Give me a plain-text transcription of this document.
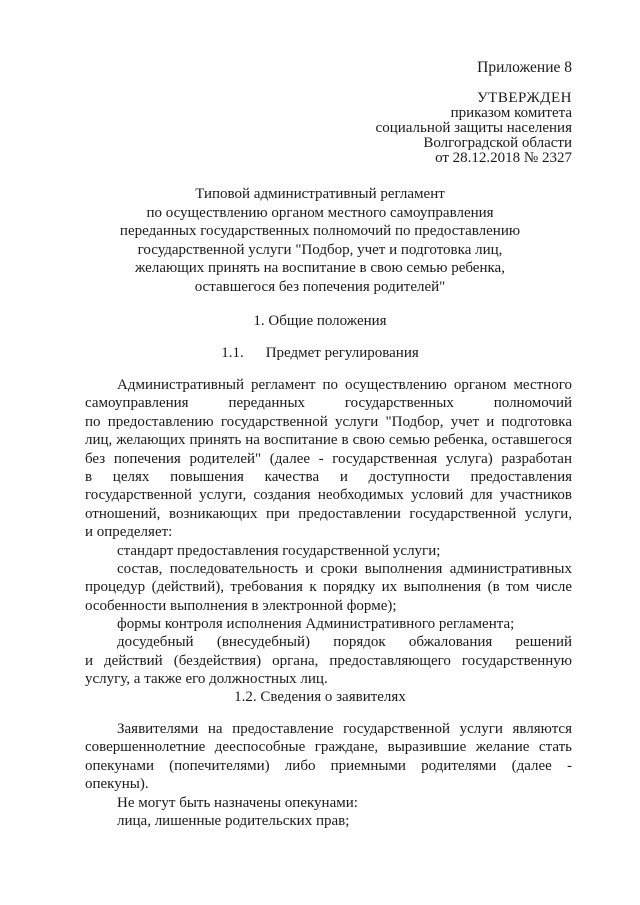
Приложение 8
УТВЕРЖДЕН
приказом комитета
социальной защиты населения
Волгоградской области
от 28.12.2018 № 2327
Типовой административный регламент
по осуществлению органом местного самоуправления
переданных государственных полномочий по предоставлению
государственной услуги "Подбор, учет и подготовка лиц,
желающих принять на воспитание в свою семью ребенка,
оставшегося без попечения родителей"
1. Общие положения
1.1. Предмет регулирования
Административный регламент по осуществлению органом местного
самоуправления переданных государственных полномочий
по предоставлению государственной услуги "Подбор, учет и подготовка
лиц, желающих принять на воспитание в свою семью ребенка, оставшегося
без попечения родителей" (далее - государственная услуга) разработан
в целях повышения качества и доступности предоставления
государственной услуги, создания необходимых условий для участников
отношений, возникающих при предоставлении государственной услуги,
и определяет:
стандарт предоставления государственной услуги;
состав, последовательность и сроки выполнения административных
процедур (действий), требования к порядку их выполнения (в том числе
особенности выполнения в электронной форме);
формы контроля исполнения Административного регламента;
досудебный (внесудебный) порядок обжалования решений
и действий (бездействия) органа, предоставляющего государственную
услугу, а также его должностных лиц.
1.2. Сведения о заявителях
Заявителями на предоставление государственной услуги являются
совершеннолетние дееспособные граждане, выразившие желание стать
опекунами (попечителями) либо приемными родителями (далее -
опекуны).
Не могут быть назначены опекунами:
лица, лишенные родительских прав;
